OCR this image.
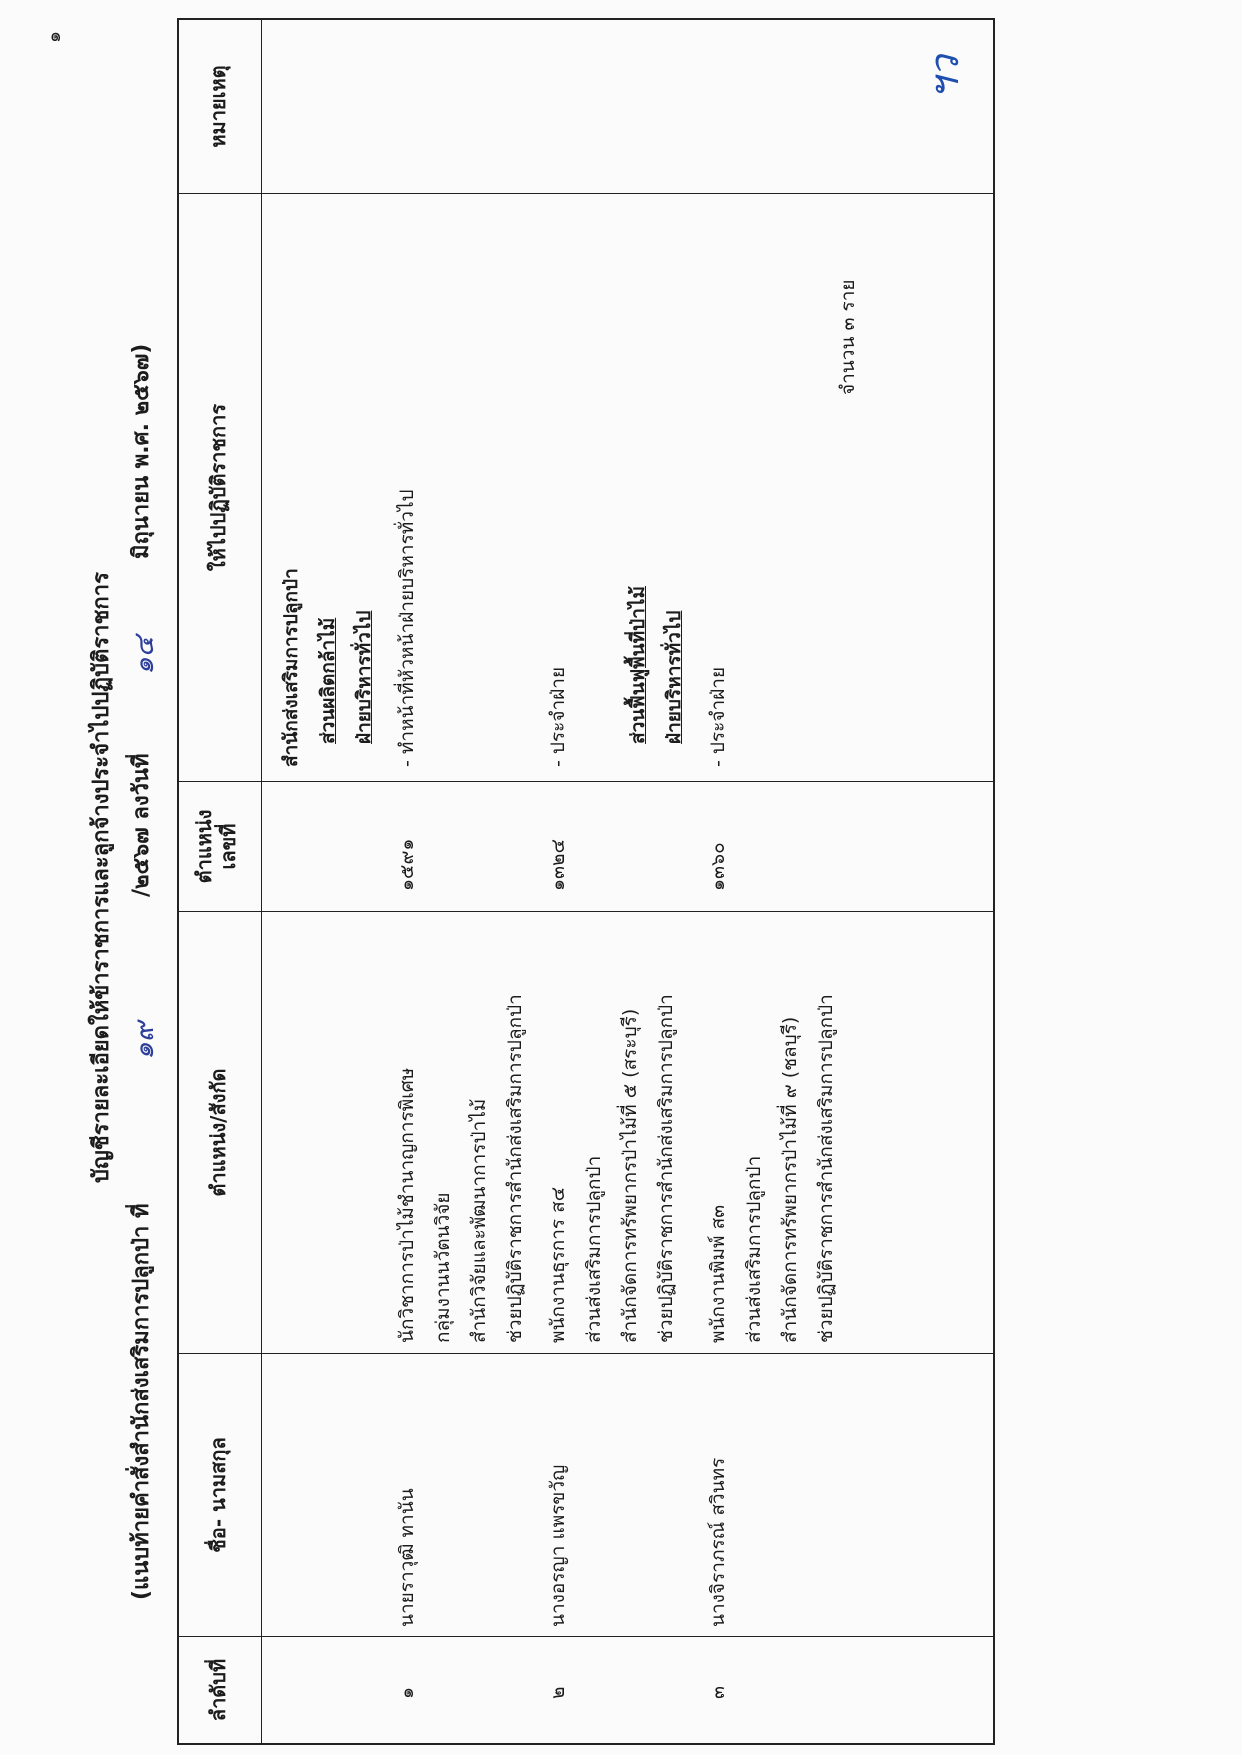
๑
บัญชีรายละเอียดให้ข้าราชการและลูกจ้างประจำไปปฏิบัติราชการ
(แนบท้ายคำสั่งสำนักส่งเสริมการปลูกป่า ที่
๑๙
/๒๕๖๗ ลงวันที่
๑๔
มิถุนายน พ.ศ. ๒๕๖๗)
ลำดับที่
ชื่อ- นามสกุล
ตำแหน่ง/สังกัด
ตำแหน่ง เลขที่
ให้ไปปฏิบัติราชการ
หมายเหตุ
๑
นายราวุฒิ ทานัน
นักวิชาการป่าไม้ชำนาญการพิเศษ กลุ่มงานนวัตนวิจัย สำนักวิจัยและพัฒนาการป่าไม้ ช่วยปฏิบัติราชการสำนักส่งเสริมการปลูกป่า
๑๕๙๑
สำนักส่งเสริมการปลูกป่า ส่วนผลิตกล้าไม้ ฝ่ายบริหารทั่วไป - ทำหน้าที่หัวหน้าฝ่ายบริหารทั่วไป
๒
นางอรญา แพรขวัญ
พนักงานธุรการ ส๔ ส่วนส่งเสริมการปลูกป่า สำนักจัดการทรัพยากรป่าไม้ที่ ๕ (สระบุรี) ช่วยปฏิบัติราชการสำนักส่งเสริมการปลูกป่า
๑๓๒๔
- ประจำฝ่าย	ส่วนฟื้นฟูพื้นที่ป่าไม้ ฝ่ายบริหารทั่วไป
๓
นางจิราภรณ์ สวินทร
พนักงานพิมพ์ ส๓ ส่วนส่งเสริมการปลูกป่า สำนักจัดการทรัพยากรป่าไม้ที่ ๙ (ชลบุรี) ช่วยปฏิบัติราชการสำนักส่งเสริมการปลูกป่า
๑๓๖๐
- ประจำฝ่าย
จำนวน ๓ ราย
ฯว
